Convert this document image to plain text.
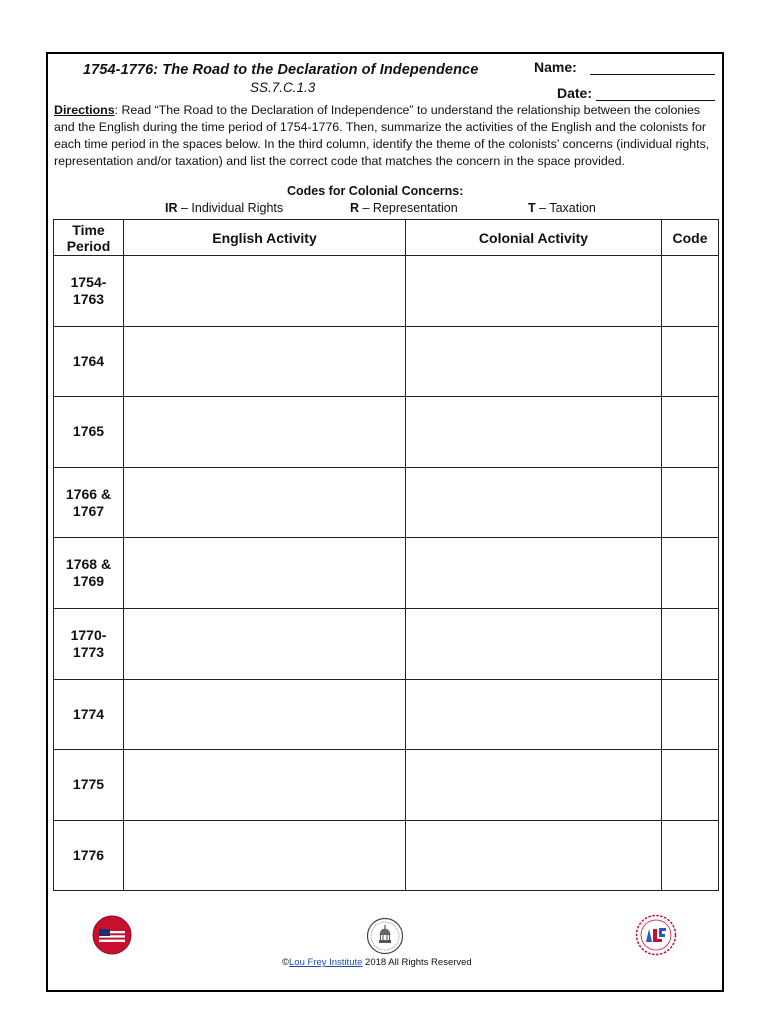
1754-1776: The Road to the Declaration of Independence
SS.7.C.1.3
Name:
Date:
Directions: Read “The Road to the Declaration of Independence” to understand the relationship between the colonies and the English during the time period of 1754-1776. Then, summarize the activities of the English and the colonists for each time period in the spaces below. In the third column, identify the theme of the colonists’ concerns (individual rights, representation and/or taxation) and list the correct code that matches the concern in the space provided.
Codes for Colonial Concerns:
IR – Individual Rights	R – Representation	T – Taxation
Time Period	English Activity	Colonial Activity	Code
1754-1763			
1764			
1765			
1766 & 1767			
1768 & 1769			
1770-1773			
1774			
1775			
1776			
©Lou Frey Institute 2018 All Rights Reserved
